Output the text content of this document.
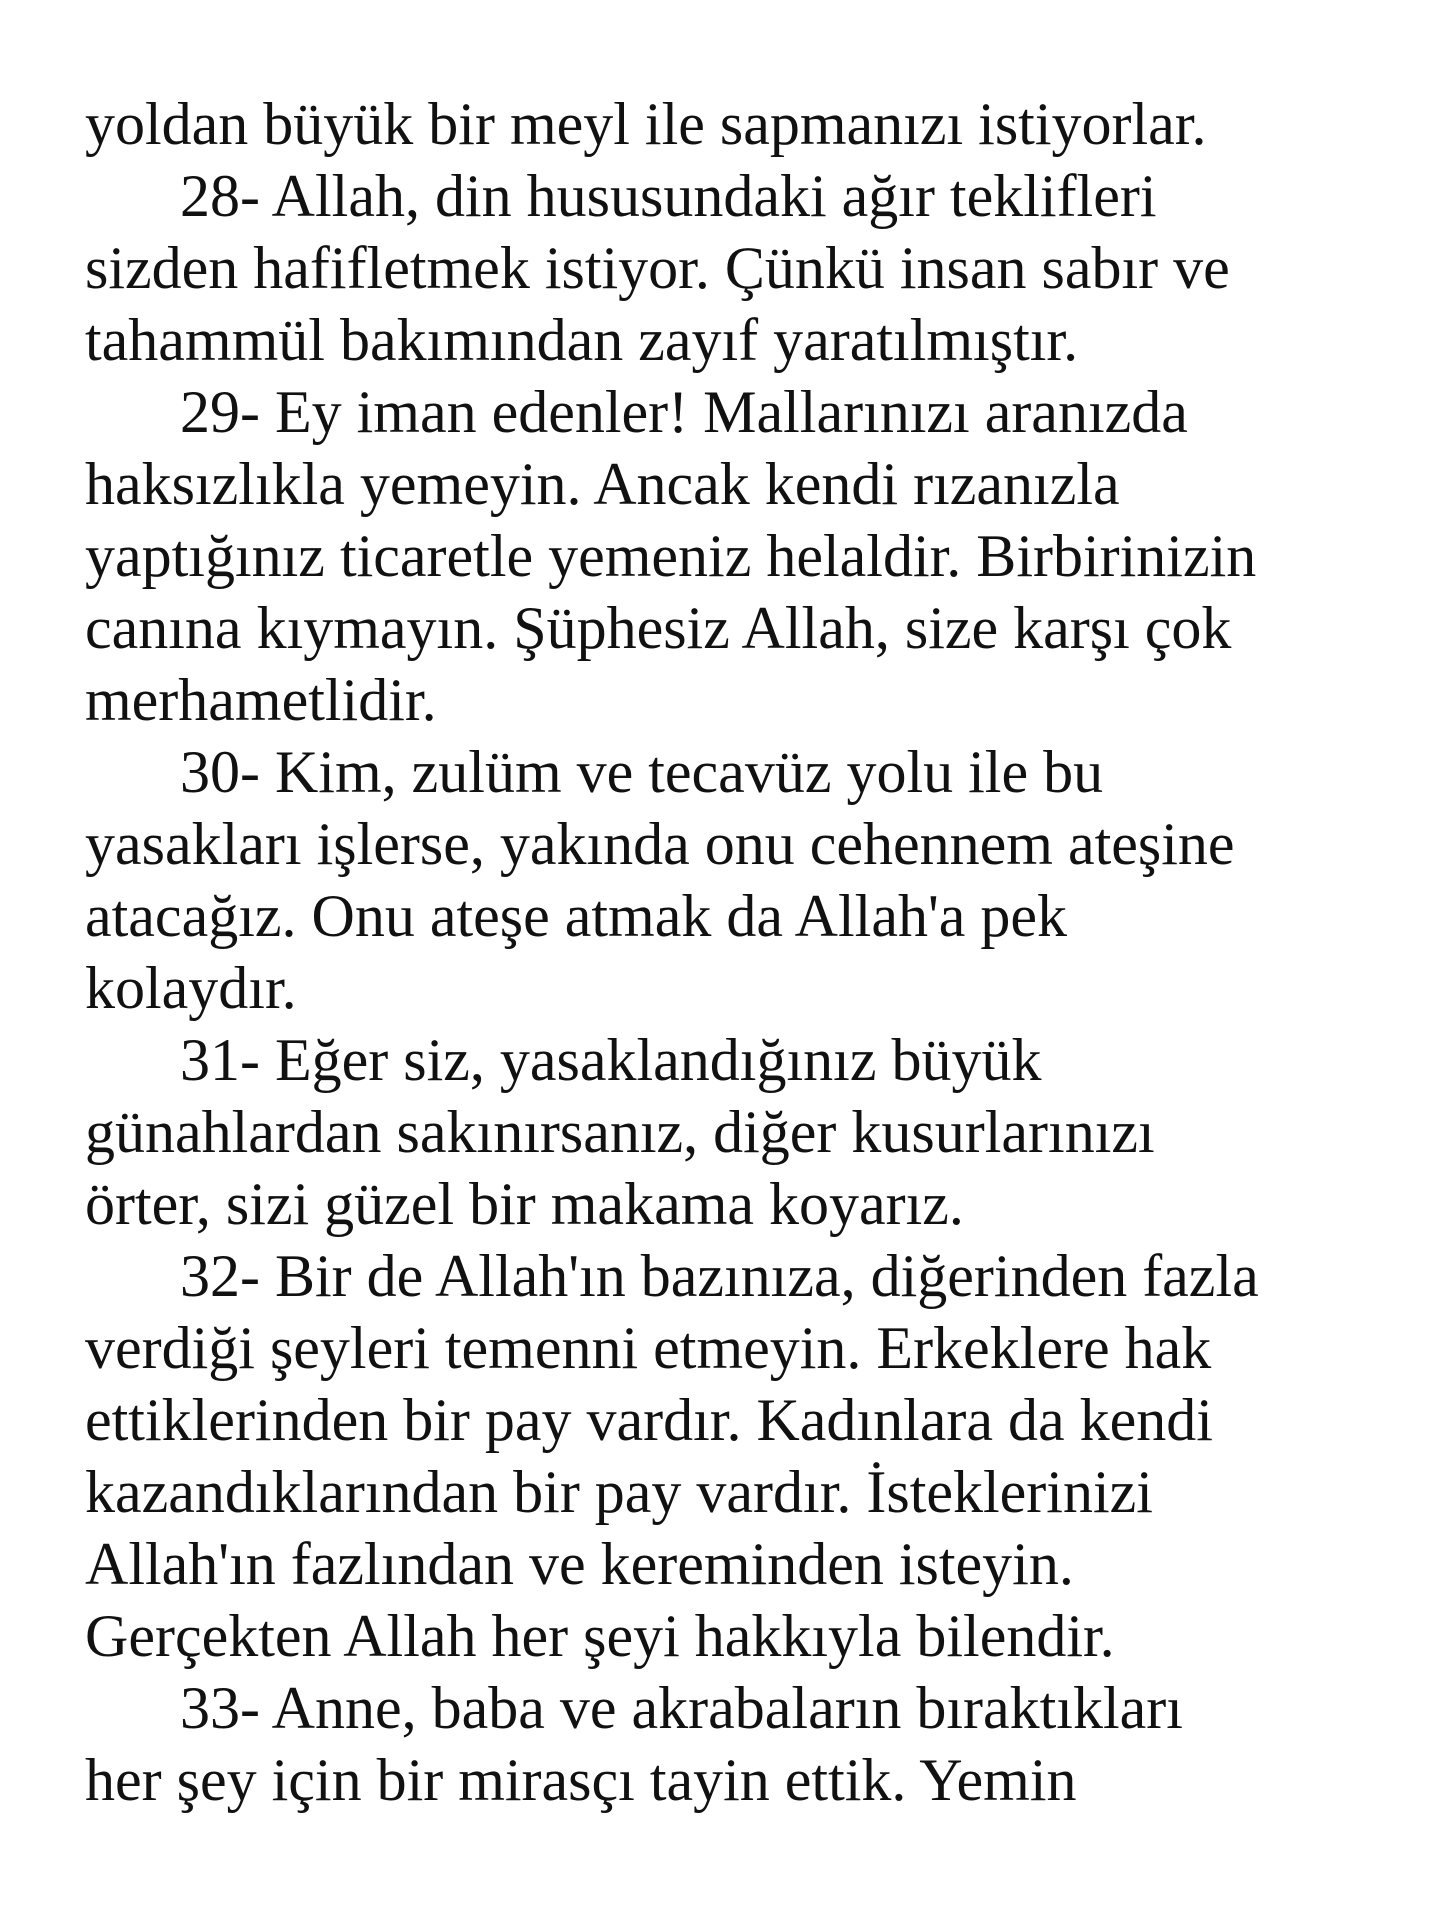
yoldan büyük bir meyl ile sapmanızı istiyorlar.
28- Allah, din hususundaki ağır teklifleri
sizden hafifletmek istiyor. Çünkü insan sabır ve
tahammül bakımından zayıf yaratılmıştır.
29- Ey iman edenler! Mallarınızı aranızda
haksızlıkla yemeyin. Ancak kendi rızanızla
yaptığınız ticaretle yemeniz helaldir. Birbirinizin
canına kıymayın. Şüphesiz Allah, size karşı çok
merhametlidir.
30- Kim, zulüm ve tecavüz yolu ile bu
yasakları işlerse, yakında onu cehennem ateşine
atacağız. Onu ateşe atmak da Allah'a pek
kolaydır.
31- Eğer siz, yasaklandığınız büyük
günahlardan sakınırsanız, diğer kusurlarınızı
örter, sizi güzel bir makama koyarız.
32- Bir de Allah'ın bazınıza, diğerinden fazla
verdiği şeyleri temenni etmeyin. Erkeklere hak
ettiklerinden bir pay vardır. Kadınlara da kendi
kazandıklarından bir pay vardır. İsteklerinizi
Allah'ın fazlından ve kereminden isteyin.
Gerçekten Allah her şeyi hakkıyla bilendir.
33- Anne, baba ve akrabaların bıraktıkları
her şey için bir mirasçı tayin ettik. Yemin
